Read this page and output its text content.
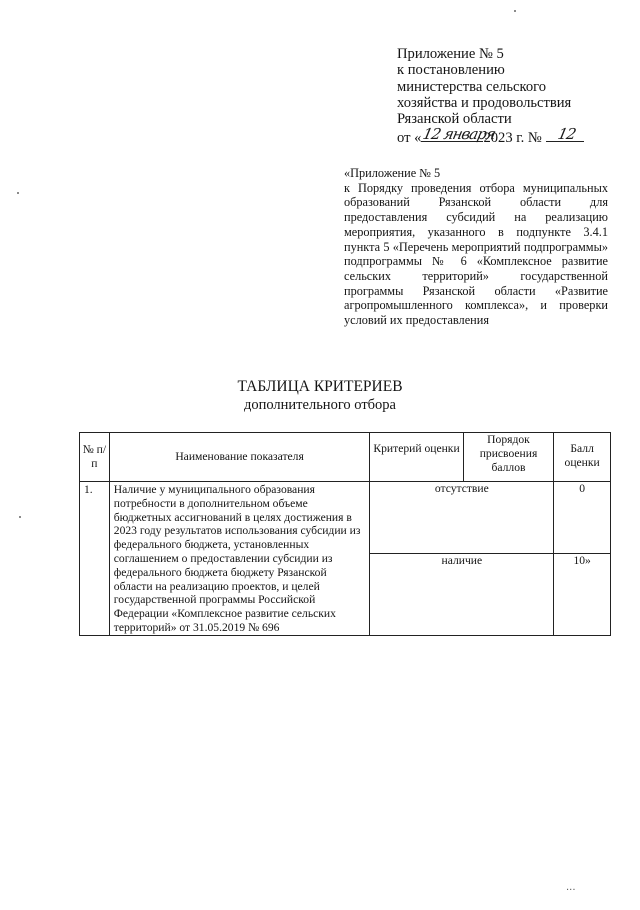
Приложение № 5
к постановлению
министерства сельского
хозяйства и продовольствия
Рязанской области
от « 12 января
2023 г. № 12
«Приложение № 5
к Порядку проведения отбора муниципальных образований Рязанской области для предоставления субсидий на реализацию мероприятия, указанного в подпункте 3.4.1 пункта 5 «Перечень мероприятий подпрограммы» подпрограммы № 6 «Комплексное развитие сельских территорий» государственной программы Рязанской области «Развитие агропромышленного комплекса», и проверки условий их предоставления
ТАБЛИЦА КРИТЕРИЕВ
дополнительного отбора
№ п/п	Наименование показателя	Критерий оценки	Порядок присвоения баллов	Балл оценки
1.	Наличие у муниципального образования потребности в дополнительном объеме бюджетных ассигнований в целях достижения в 2023 году результатов использования субсидии из федерального бюджета, установленных соглашением о предоставлении субсидии из федерального бюджета бюджету Рязанской области на реализацию проектов, и целей государственной программы Российской Федерации «Комплексное развитие сельских территорий» от 31.05.2019 № 696	отсутствие		0
		наличие		10»
...
